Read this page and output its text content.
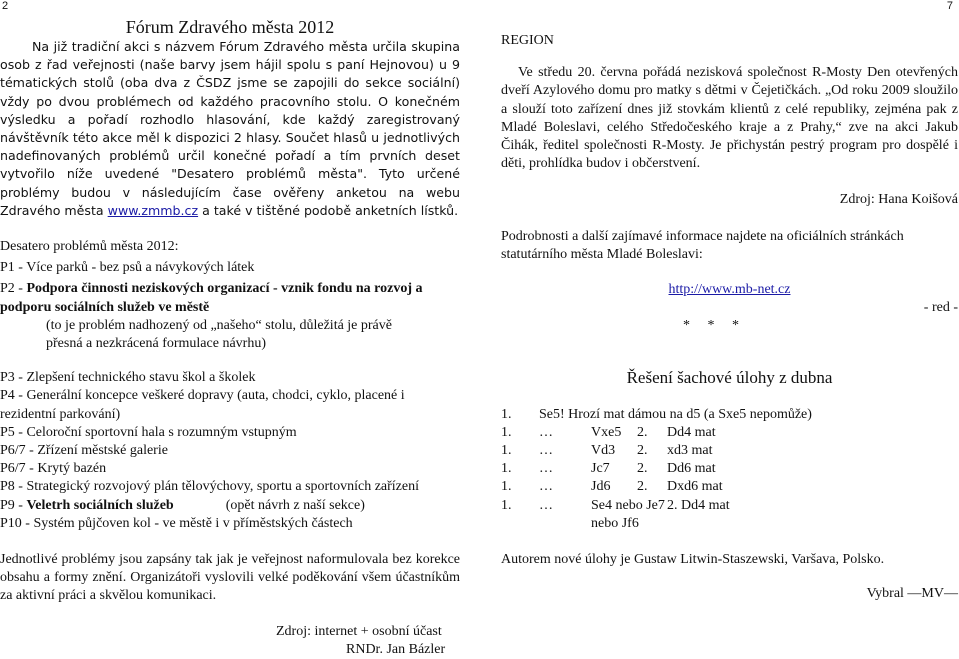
2	7
Fórum Zdravého města 2012

Na již tradiční akci s názvem Fórum Zdravého města určila skupina osob z řad veřejnosti (naše barvy jsem hájil spolu s paní Hejnovou) u 9 tématických stolů (oba dva z ČSDZ jsme se zapojili do sekce sociální) vždy po dvou problémech od každého pracovního stolu. O konečném výsledku a pořadí rozhodlo hlasování, kde každý zaregistrovaný návštěvník této akce měl k dispozici 2 hlasy. Součet hlasů u jednotlivých nadefinovaných problémů určil konečné pořadí a tím prvních deset vytvořilo níže uvedené "Desatero problémů města". Tyto určené problémy budou v následujícím čase ověřeny anketou na webu Zdravého města www.zmmb.cz a také v tištěné podobě anketních lístků.

Desatero problémů města 2012:

P1 - Více parků - bez psů a návykových látek

P2 - Podpora činnosti neziskových organizací - vznik fondu na rozvoj a podporu sociálních služeb ve městě

(to je problém nadhozený od „našeho“ stolu, důležitá je právě přesná a nezkrácená formulace návrhu)

P3 - Zlepšení technického stavu škol a školek

P4 - Generální koncepce veškeré dopravy (auta, chodci, cyklo, placené i rezidentní parkování)

P5 - Celoroční sportovní hala s rozumným vstupným

P6/7 - Zřízení městské galerie

P6/7 - Krytý bazén

P8 - Strategický rozvojový plán tělovýchovy, sportu a sportovních zařízení

P9 - Veletrh sociálních služeb	(opět návrh z naší sekce)

P10 - Systém půjčoven kol - ve městě i v příměstských částech

Jednotlivé problémy jsou zapsány tak jak je veřejnost naformulovala bez korekce obsahu a formy znění. Organizátoři vyslovili velké poděkování všem účastníkům za aktivní práci a skvělou komunikaci.

Zdroj: internet + osobní účast

RNDr. Jan Bázler

REGION

Ve středu 20. června pořádá nezisková společnost R-Mosty Den otevřených dveří Azylového domu pro matky s dětmi v Čejetičkách. „Od roku 2009 sloužilo a slouží toto zařízení dnes již stovkám klientů z celé republiky, zejména pak z Mladé Boleslavi, celého Středočeského kraje a z Prahy,“ zve na akci Jakub Čihák, ředitel společnosti R-Mosty. Je přichystán pestrý program pro dospělé i děti, prohlídka budov i občerstvení.

Zdroj: Hana Koišová

Podrobnosti a další zajímavé informace najdete na oficiálních stránkách statutárního města Mladé Boleslavi:

http://www.mb-net.cz

- red -

*     *     *

Řešení šachové úlohy z dubna

1.	Se5! Hrozí mat dámou na d5 (a Sxe5 nepomůže)			
1.	…	Vxe5	2.	Dd4 mat
1.	…	Vd3	2.	xd3 mat
1.	…	Jc7	2.	Dd6 mat
1.	…	Jd6	2.	Dxd6 mat
1.	…	Se4 nebo Je7 nebo Jf6		2. Dd4 mat

Autorem nové úlohy je Gustaw Litwin-Staszewski, Varšava, Polsko.

Vybral —MV—
